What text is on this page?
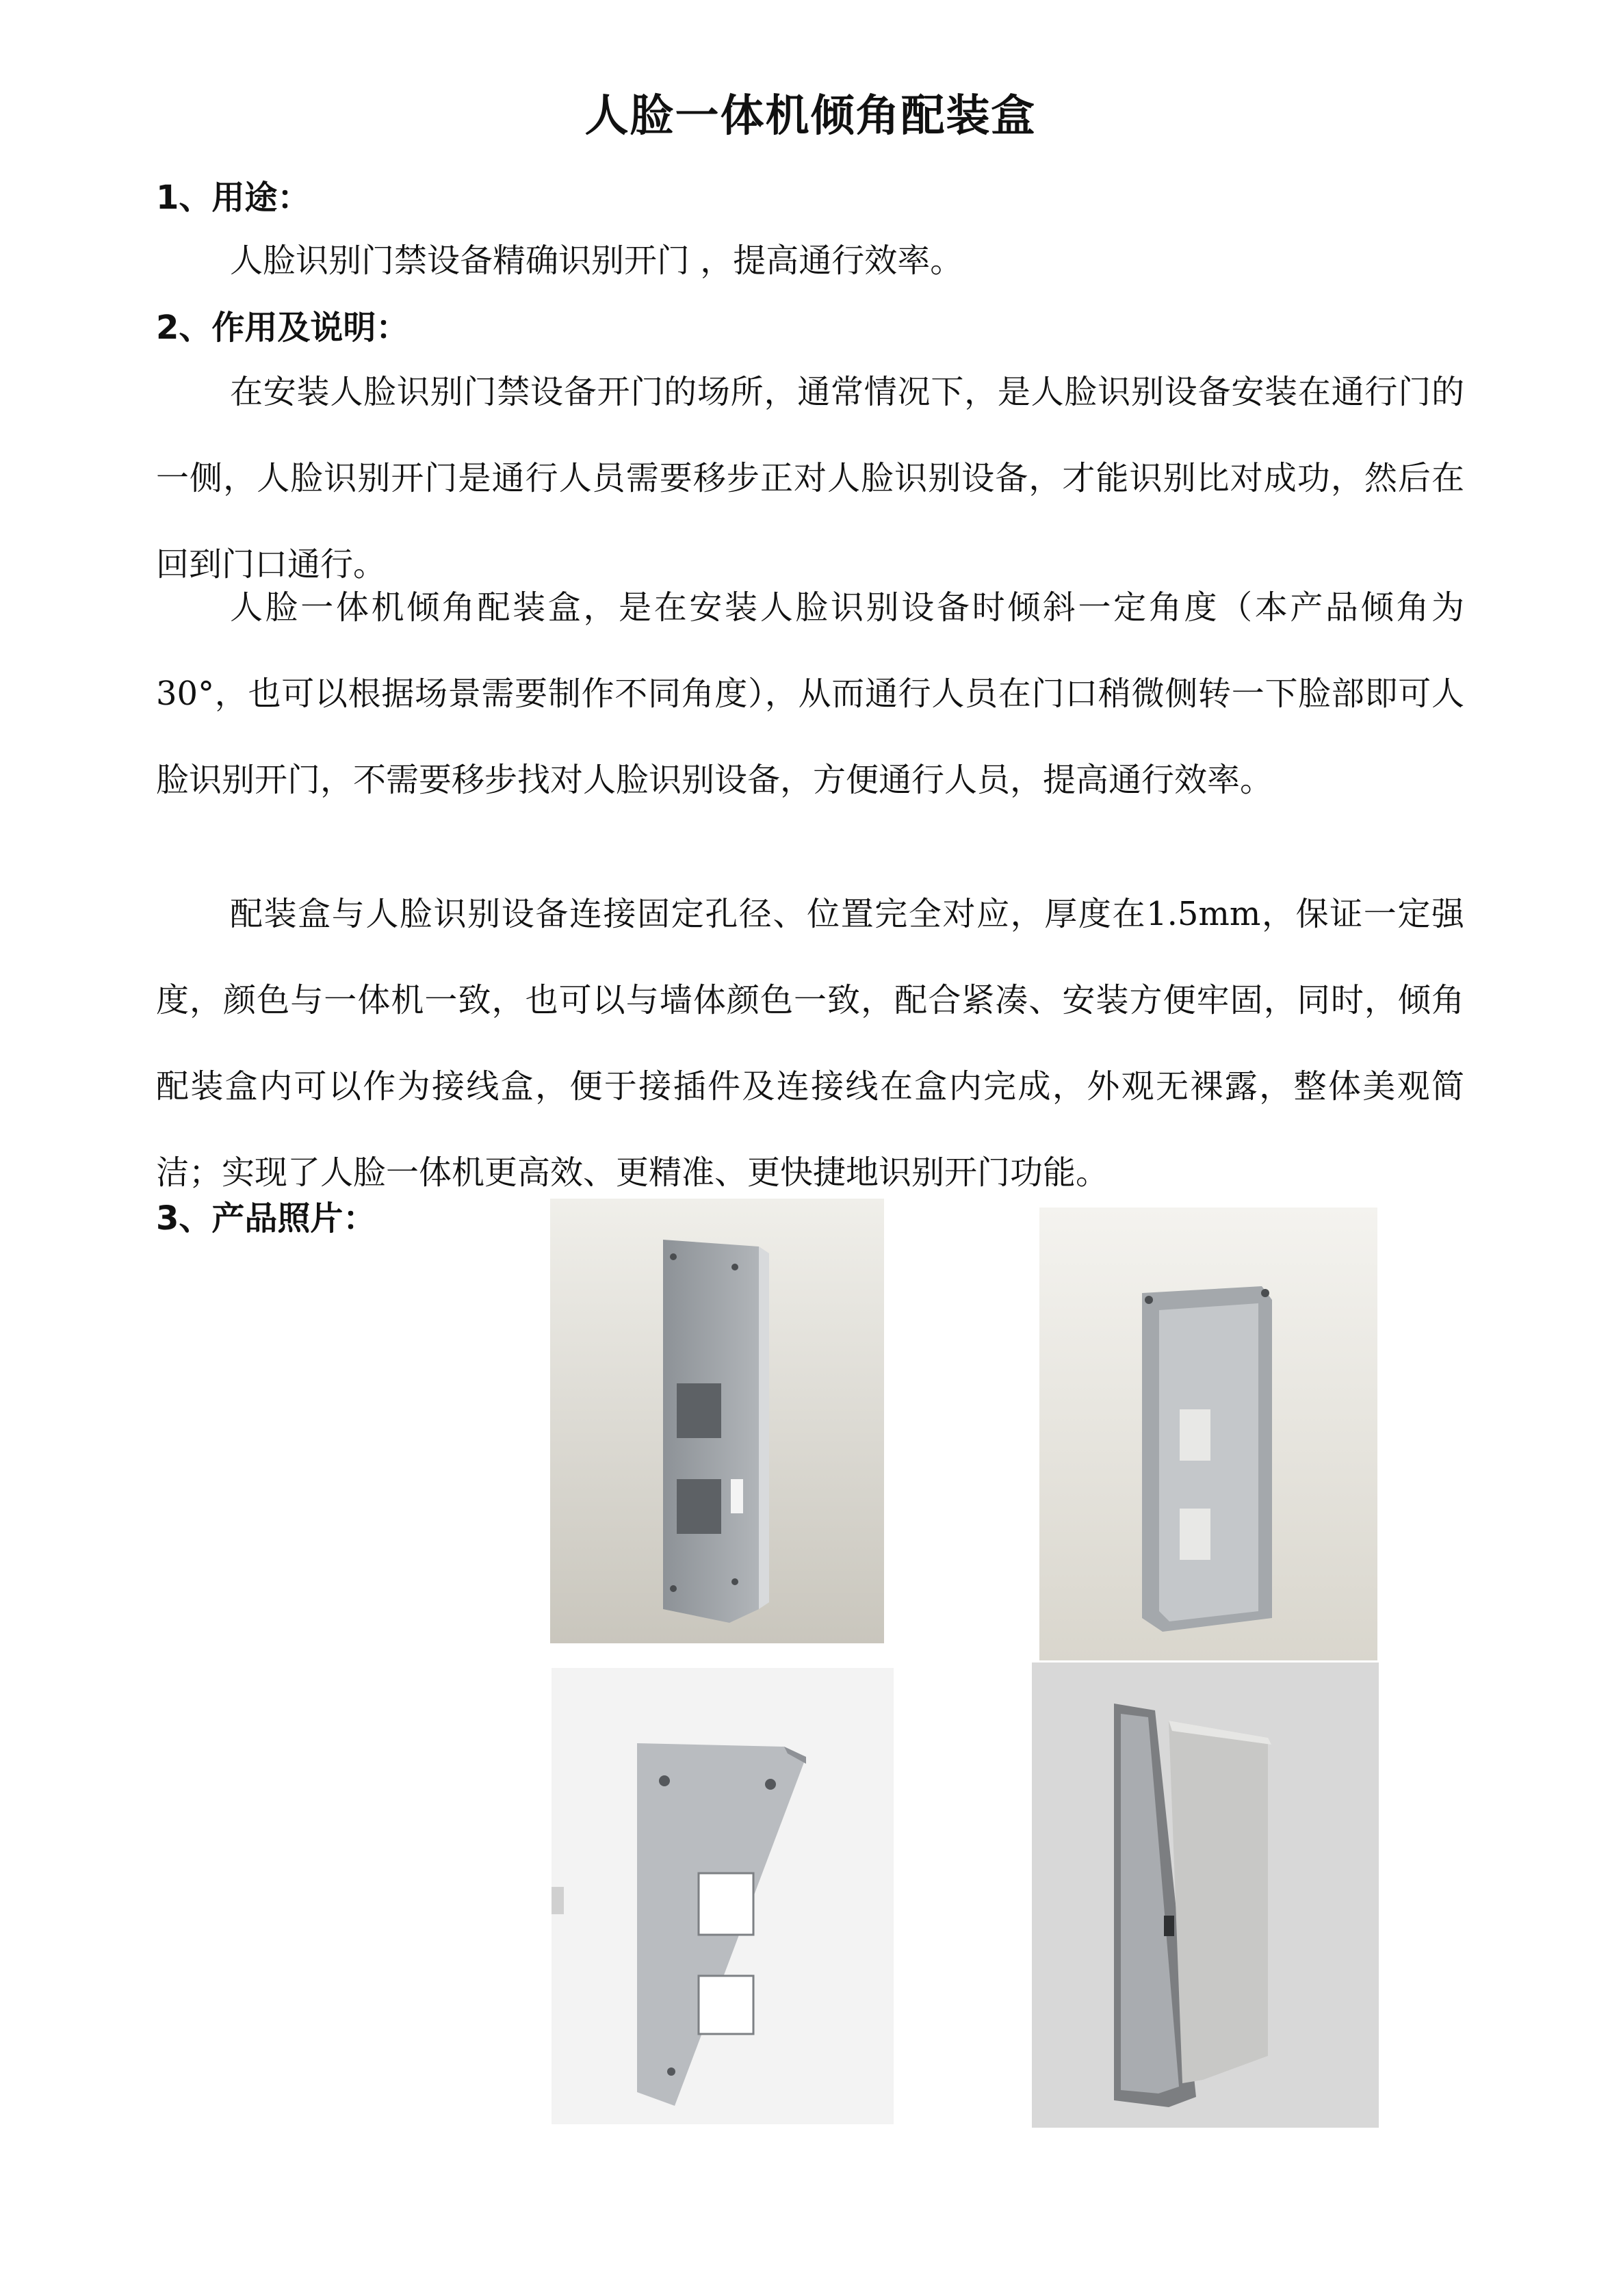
人脸一体机倾角配装盒
1、用途：
人脸识别门禁设备精确识别开门 ，提高通行效率。
2、作用及说明：
在安装人脸识别门禁设备开门的场所，通常情况下，是人脸识别设备安装在通行门的一侧，人脸识别开门是通行人员需要移步正对人脸识别设备，才能识别比对成功，然后在回到门口通行。
人脸一体机倾角配装盒，是在安装人脸识别设备时倾斜一定角度（本产品倾角为30°，也可以根据场景需要制作不同角度），从而通行人员在门口稍微侧转一下脸部即可人脸识别开门，不需要移步找对人脸识别设备，方便通行人员，提高通行效率。
配装盒与人脸识别设备连接固定孔径、位置完全对应，厚度在1.5mm，保证一定强度，颜色与一体机一致，也可以与墙体颜色一致，配合紧凑、安装方便牢固，同时，倾角配装盒内可以作为接线盒，便于接插件及连接线在盒内完成，外观无裸露，整体美观简洁；实现了人脸一体机更高效、更精准、更快捷地识别开门功能。
3、产品照片：
